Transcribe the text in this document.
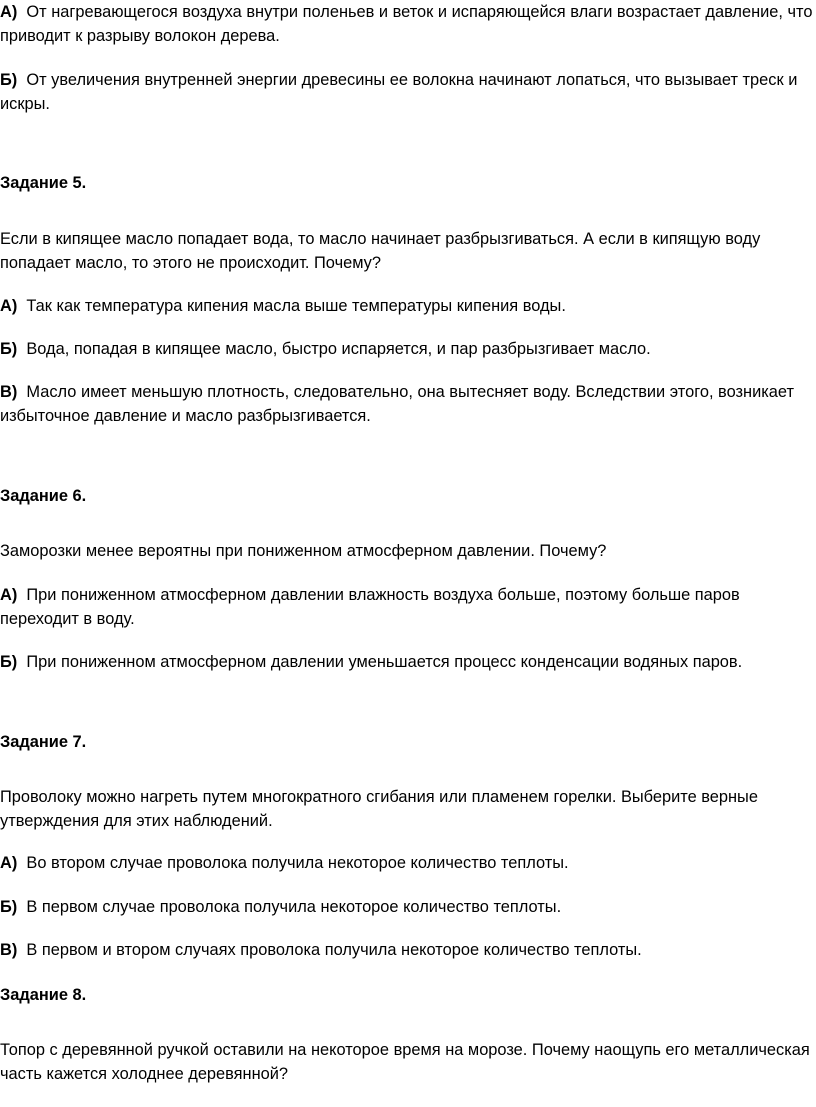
А) От нагревающегося воздуха внутри поленьев и веток и испаряющейся влаги возрастает давление, что приводит к разрыву волокон дерева.

Б) От увеличения внутренней энергии древесины ее волокна начинают лопаться, что вызывает треск и искры.

Задание 5.

Если в кипящее масло попадает вода, то масло начинает разбрызгиваться. А если в кипящую воду попадает масло, то этого не происходит. Почему?

А) Так как температура кипения масла выше температуры кипения воды.

Б) Вода, попадая в кипящее масло, быстро испаряется, и пар разбрызгивает масло.

В) Масло имеет меньшую плотность, следовательно, она вытесняет воду. Вследствии этого, возникает избыточное давление и масло разбрызгивается.

Задание 6.

Заморозки менее вероятны при пониженном атмосферном давлении. Почему?

А) При пониженном атмосферном давлении влажность воздуха больше, поэтому больше паров переходит в воду.

Б) При пониженном атмосферном давлении уменьшается процесс конденсации водяных паров.

Задание 7.

Проволоку можно нагреть путем многократного сгибания или пламенем горелки. Выберите верные утверждения для этих наблюдений.

А) Во втором случае проволока получила некоторое количество теплоты.

Б) В первом случае проволока получила некоторое количество теплоты.

В) В первом и втором случаях проволока получила некоторое количество теплоты.

Задание 8.

Топор с деревянной ручкой оставили на некоторое время на морозе. Почему наощупь его металлическая часть кажется холоднее деревянной?
